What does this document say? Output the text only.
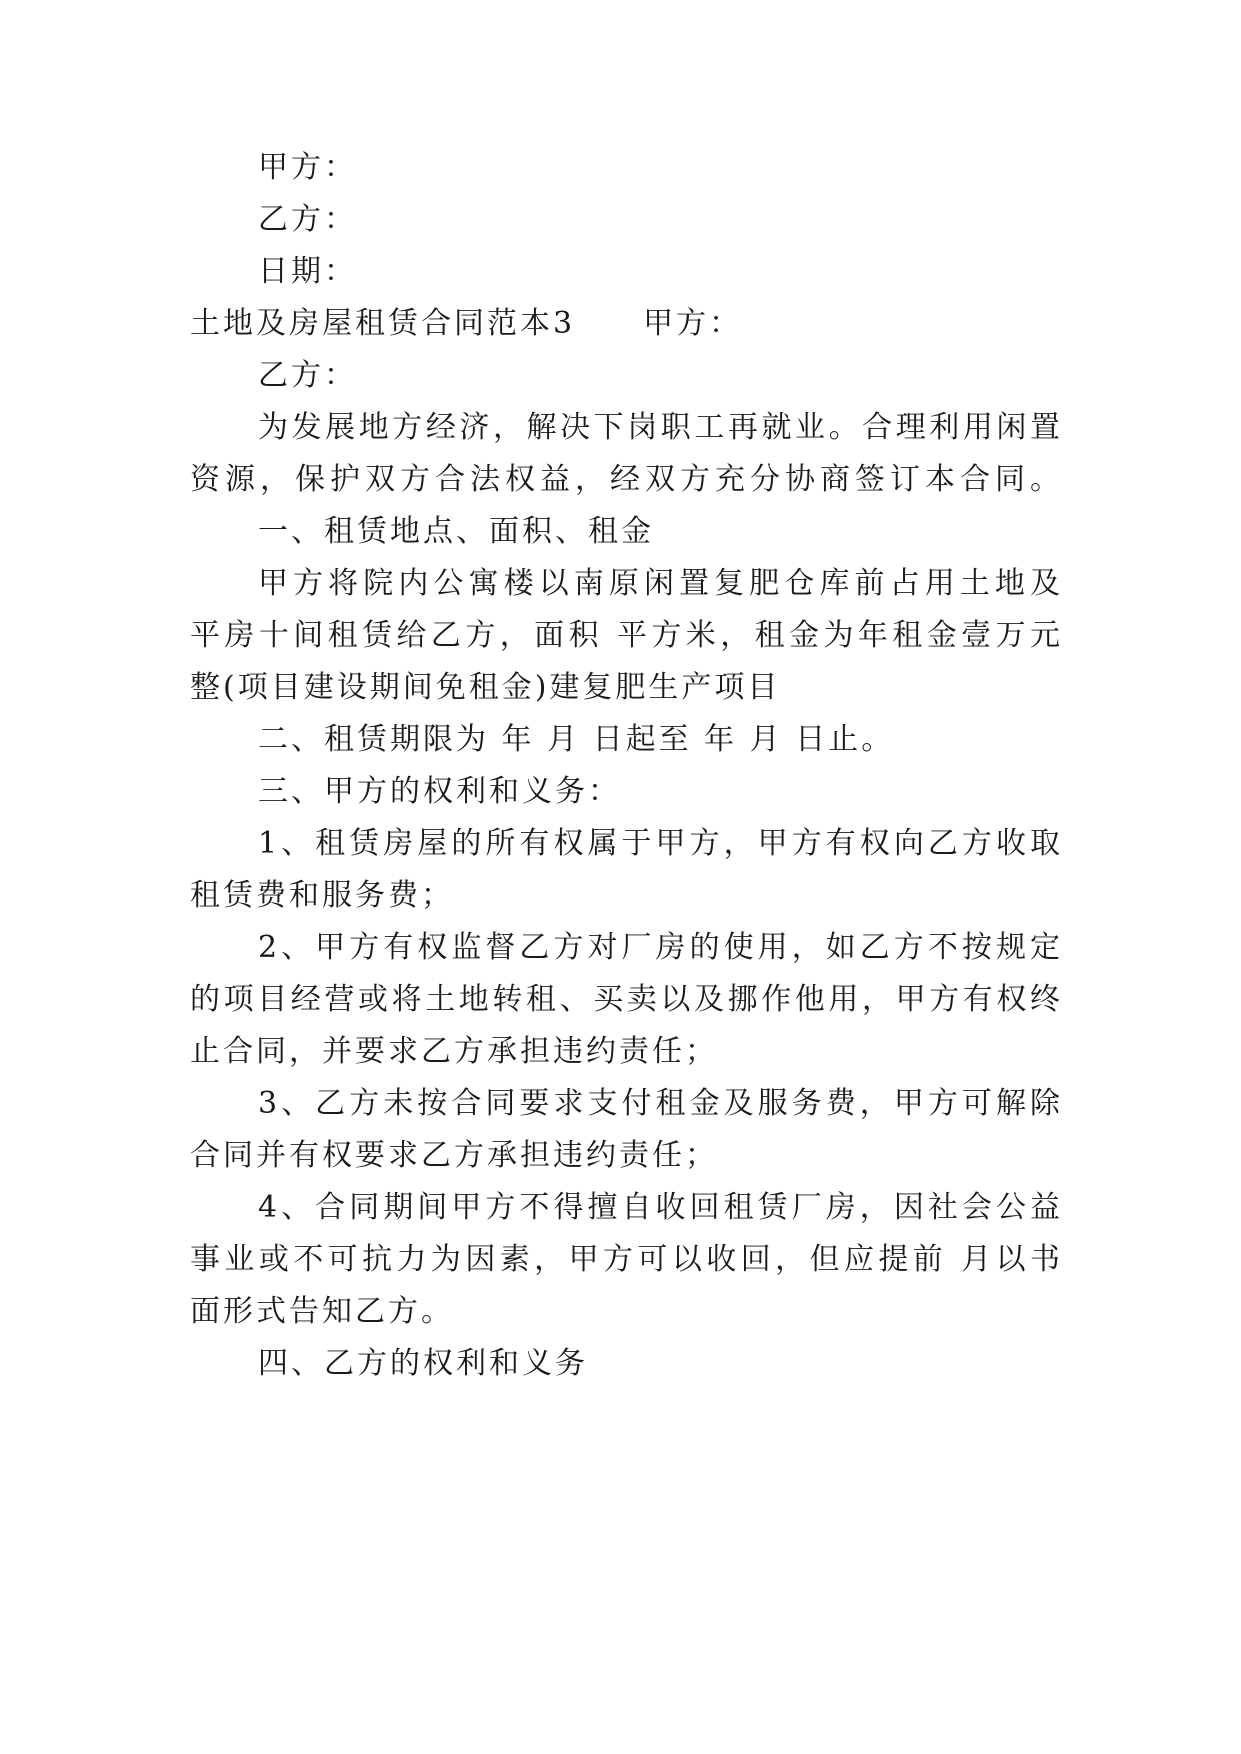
甲方：
乙方：
日期：
土地及房屋租赁合同范本3 甲方：
乙方：
为发展地方经济，解决下岗职工再就业。合理利用闲置
资源，保护双方合法权益，经双方充分协商签订本合同。
一、租赁地点、面积、租金
甲方将院内公寓楼以南原闲置复肥仓库前占用土地及
平房十间租赁给乙方，面积 平方米，租金为年租金壹万元
整(项目建设期间免租金)建复肥生产项目
二、租赁期限为 年 月 日起至 年 月 日止。
三、甲方的权利和义务：
1、租赁房屋的所有权属于甲方，甲方有权向乙方收取
租赁费和服务费；
2、甲方有权监督乙方对厂房的使用，如乙方不按规定
的项目经营或将土地转租、买卖以及挪作他用，甲方有权终
止合同，并要求乙方承担违约责任；
3、乙方未按合同要求支付租金及服务费，甲方可解除
合同并有权要求乙方承担违约责任；
4、合同期间甲方不得擅自收回租赁厂房，因社会公益
事业或不可抗力为因素，甲方可以收回，但应提前 月以书
面形式告知乙方。
四、乙方的权利和义务
